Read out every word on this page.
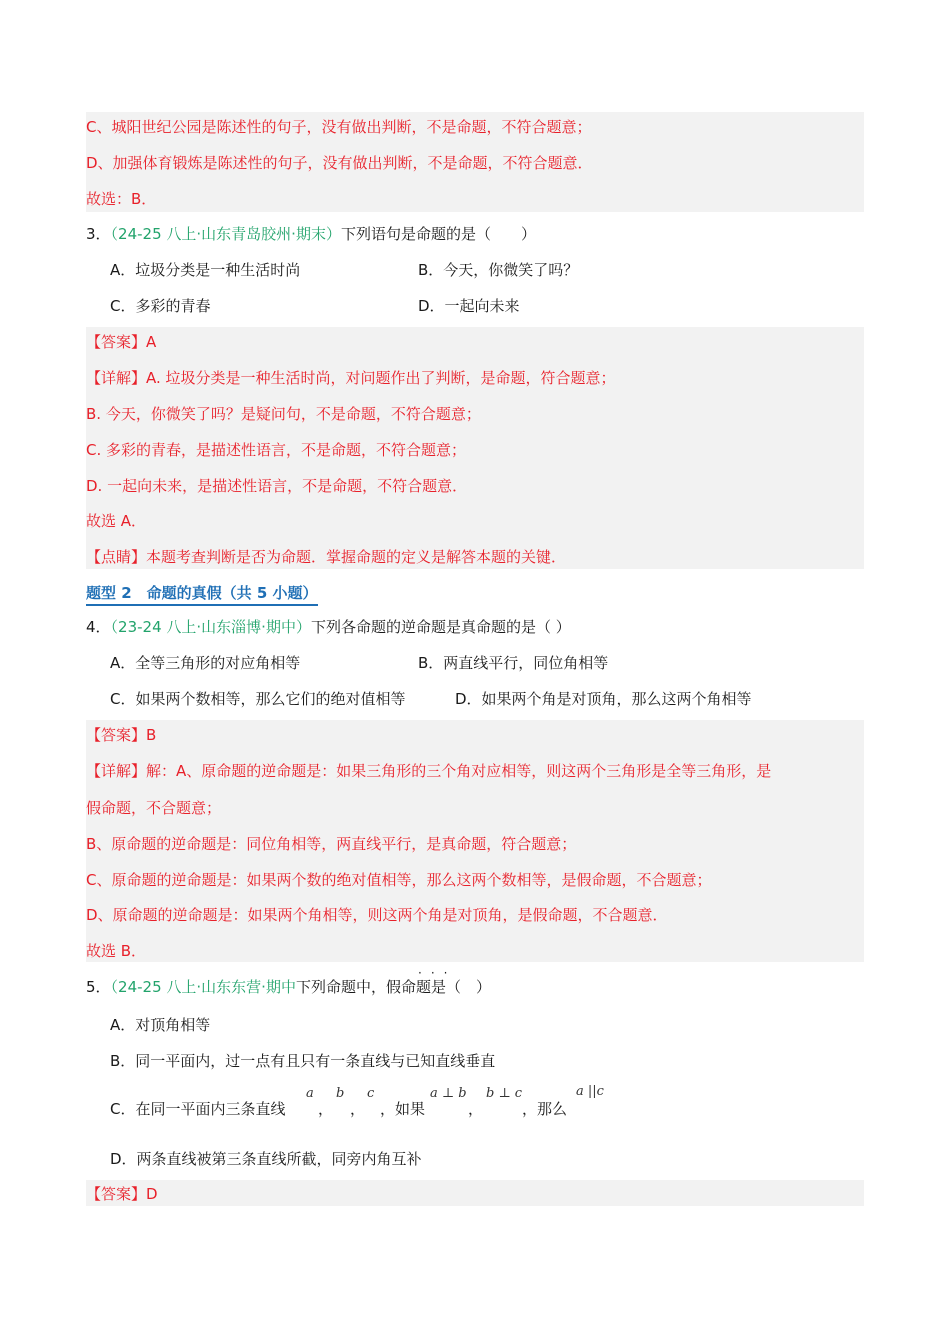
C、城阳世纪公园是陈述性的句子，没有做出判断，不是命题，不符合题意；
D、加强体育锻炼是陈述性的句子，没有做出判断，不是命题，不符合题意．
故选：B．
3．（24-25 八上·山东青岛胶州·期末）下列语句是命题的是（　　）
A．垃圾分类是一种生活时尚	B．今天，你微笑了吗？
C．多彩的青春	D．一起向未来
【答案】A
【详解】A. 垃圾分类是一种生活时尚，对问题作出了判断，是命题，符合题意；
B. 今天，你微笑了吗？是疑问句，不是命题，不符合题意；
C. 多彩的青春，是描述性语言，不是命题，不符合题意；
D. 一起向未来，是描述性语言，不是命题，不符合题意．
故选 A．
【点睛】本题考查判断是否为命题．掌握命题的定义是解答本题的关键．
题型 2　命题的真假（共 5 小题）
4．（23-24 八上·山东淄博·期中）下列各命题的逆命题是真命题的是（ ）
A．全等三角形的对应角相等	B．两直线平行，同位角相等
C．如果两个数相等，那么它们的绝对值相等	D．如果两个角是对顶角，那么这两个角相等
【答案】B
【详解】解：A、原命题的逆命题是：如果三角形的三个角对应相等，则这两个三角形是全等三角形，是
假命题，不合题意；
B、原命题的逆命题是：同位角相等，两直线平行，是真命题，符合题意；
C、原命题的逆命题是：如果两个数的绝对值相等，那么这两个数相等，是假命题，不合题意；
D、原命题的逆命题是：如果两个角相等，则这两个角是对顶角，是假命题，不合题意．
故选 B．
···
5．（24-25 八上·山东东营·期中下列命题中，假命题是（　）
A．对顶角相等
B．同一平面内，过一点有且只有一条直线与已知直线垂直
C．在同一平面内三条直线
a
，
b
，
c
，如果
a ⊥ b
，
b ⊥ c
，那么
a ||c
D．两条直线被第三条直线所截，同旁内角互补
【答案】D
